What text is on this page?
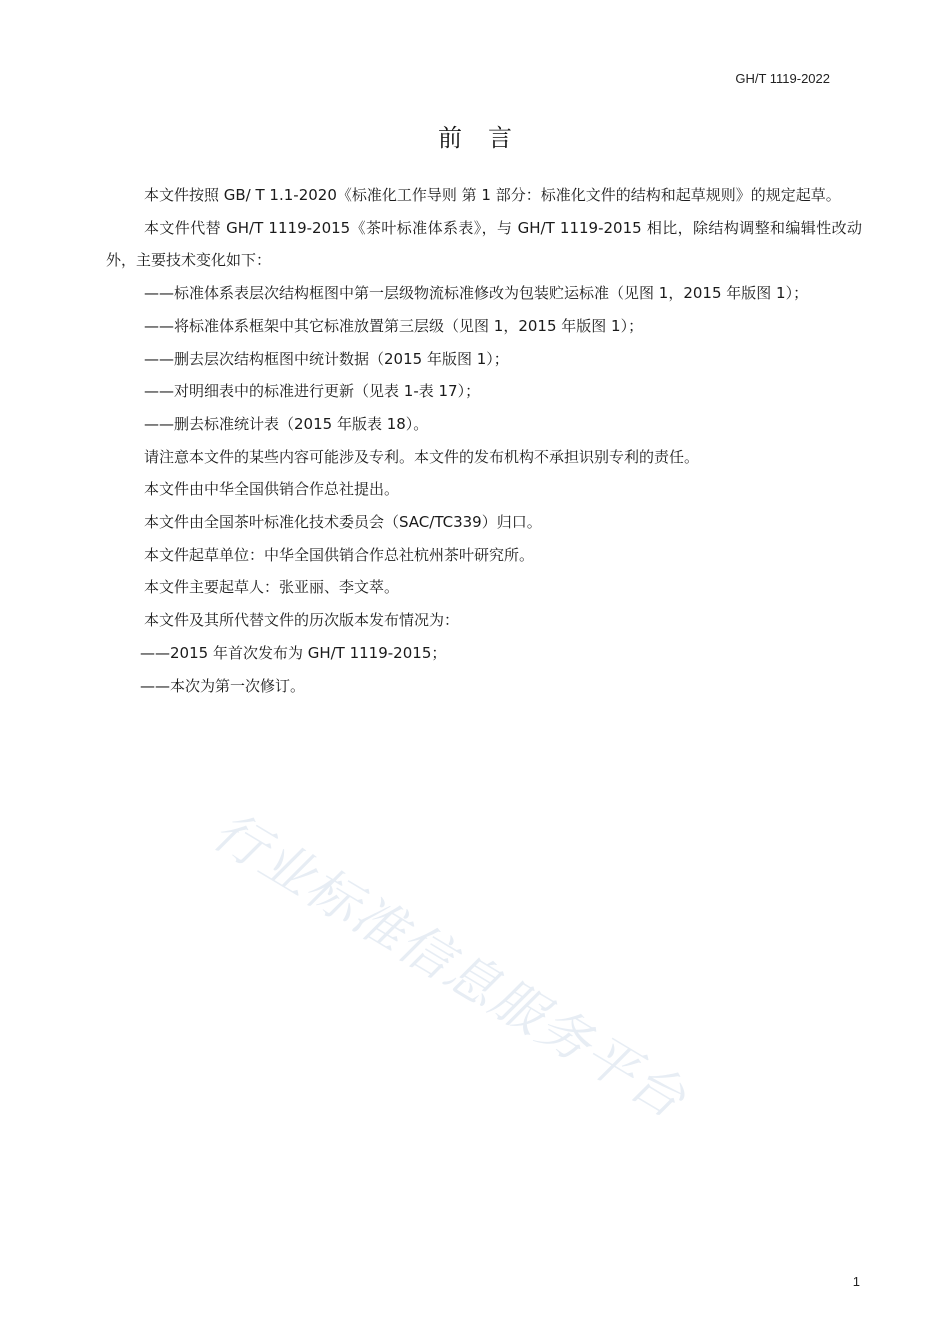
GH/T 1119-2022
前言

本文件按照 GB/ T 1.1-2020《标准化工作导则 第 1 部分：标准化文件的结构和起草规则》的规定起草。

本文件代替 GH/T 1119-2015《茶叶标准体系表》，与 GH/T 1119-2015 相比，除结构调整和编辑性改动外，主要技术变化如下：

——标准体系表层次结构框图中第一层级物流标准修改为包装贮运标准（见图 1，2015 年版图 1）；

——将标准体系框架中其它标准放置第三层级（见图 1，2015 年版图 1）；

——删去层次结构框图中统计数据（2015 年版图 1）；

——对明细表中的标准进行更新（见表 1-表 17）；

——删去标准统计表（2015 年版表 18）。

请注意本文件的某些内容可能涉及专利。本文件的发布机构不承担识别专利的责任。

本文件由中华全国供销合作总社提出。

本文件由全国茶叶标准化技术委员会（SAC/TC339）归口。

本文件起草单位：中华全国供销合作总社杭州茶叶研究所。

本文件主要起草人：张亚丽、李文萃。

本文件及其所代替文件的历次版本发布情况为：

——2015 年首次发布为 GH/T 1119-2015；

——本次为第一次修订。

行业标准信息服务平台
1
